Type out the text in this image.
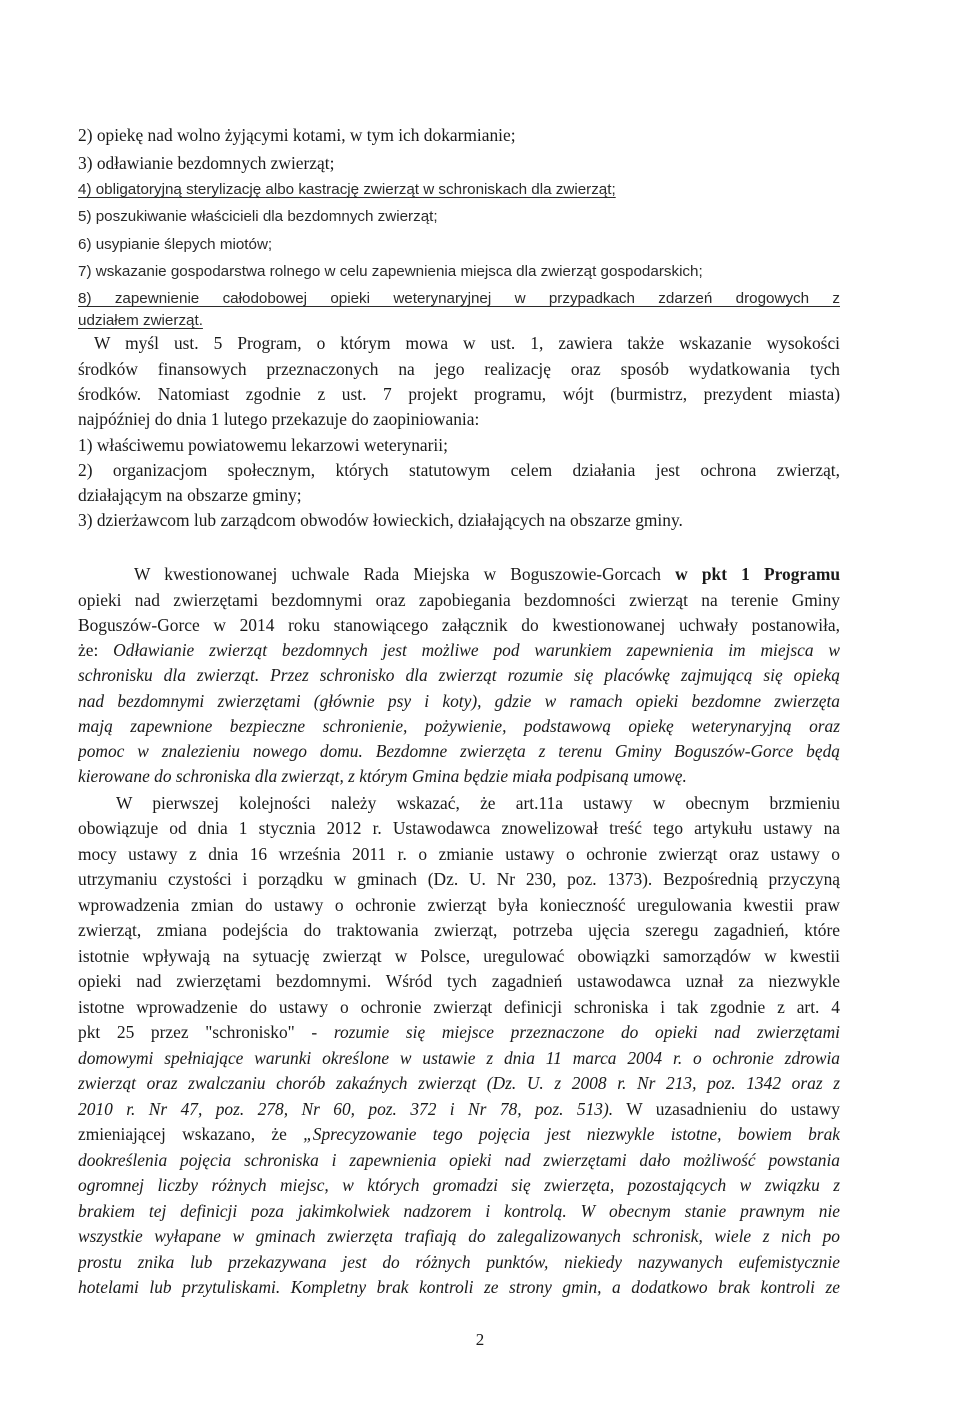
2) opiekę nad wolno żyjącymi kotami, w tym ich dokarmianie;
3) odławianie bezdomnych zwierząt;
4) obligatoryjną sterylizację albo kastrację zwierząt w schroniskach dla zwierząt;
5) poszukiwanie właścicieli dla bezdomnych zwierząt;
6) usypianie ślepych miotów;
7) wskazanie gospodarstwa rolnego w celu zapewnienia miejsca dla zwierząt gospodarskich;
8) zapewnienie całodobowej opieki weterynaryjnej w przypadkach zdarzeń drogowych z
udziałem zwierząt.
W myśl ust. 5 Program, o którym mowa w ust. 1, zawiera także wskazanie wysokości
środków finansowych przeznaczonych na jego realizację oraz sposób wydatkowania tych
środków. Natomiast zgodnie z ust. 7 projekt programu, wójt (burmistrz, prezydent miasta)
najpóźniej do dnia 1 lutego przekazuje do zaopiniowania:
1) właściwemu powiatowemu lekarzowi weterynarii;
2) organizacjom społecznym, których statutowym celem działania jest ochrona zwierząt,
działającym na obszarze gminy;
3) dzierżawcom lub zarządcom obwodów łowieckich, działających na obszarze gminy.
W kwestionowanej uchwale Rada Miejska w Boguszowie-Gorcach w pkt 1 Programu
opieki nad zwierzętami bezdomnymi oraz zapobiegania bezdomności zwierząt na terenie Gminy
Boguszów-Gorce w 2014 roku stanowiącego załącznik do kwestionowanej uchwały postanowiła,
że: Odławianie zwierząt bezdomnych jest możliwe pod warunkiem zapewnienia im miejsca w
schronisku dla zwierząt. Przez schronisko dla zwierząt rozumie się placówkę zajmującą się opieką
nad bezdomnymi zwierzętami (głównie psy i koty), gdzie w ramach opieki bezdomne zwierzęta
mają zapewnione bezpieczne schronienie, pożywienie, podstawową opiekę weterynaryjną oraz
pomoc w znalezieniu nowego domu. Bezdomne zwierzęta z terenu Gminy Boguszów-Gorce będą
kierowane do schroniska dla zwierząt, z którym Gmina będzie miała podpisaną umowę.
W pierwszej kolejności należy wskazać, że art.11a ustawy w obecnym brzmieniu
obowiązuje od dnia 1 stycznia 2012 r. Ustawodawca znowelizował treść tego artykułu ustawy na
mocy ustawy z dnia 16 września 2011 r. o zmianie ustawy o ochronie zwierząt oraz ustawy o
utrzymaniu czystości i porządku w gminach (Dz. U. Nr 230, poz. 1373). Bezpośrednią przyczyną
wprowadzenia zmian do ustawy o ochronie zwierząt była konieczność uregulowania kwestii praw
zwierząt, zmiana podejścia do traktowania zwierząt, potrzeba ujęcia szeregu zagadnień, które
istotnie wpływają na sytuację zwierząt w Polsce, uregulować obowiązki samorządów w kwestii
opieki nad zwierzętami bezdomnymi. Wśród tych zagadnień ustawodawca uznał za niezwykle
istotne wprowadzenie do ustawy o ochronie zwierząt definicji schroniska i tak zgodnie z art. 4
pkt 25 przez "schronisko" - rozumie się miejsce przeznaczone do opieki nad zwierzętami
domowymi spełniające warunki określone w ustawie z dnia 11 marca 2004 r. o ochronie zdrowia
zwierząt oraz zwalczaniu chorób zakaźnych zwierząt (Dz. U. z 2008 r. Nr 213, poz. 1342 oraz z
2010 r. Nr 47, poz. 278, Nr 60, poz. 372 i Nr 78, poz. 513). W uzasadnieniu do ustawy
zmieniającej wskazano, że „Sprecyzowanie tego pojęcia jest niezwykle istotne, bowiem brak
dookreślenia pojęcia schroniska i zapewnienia opieki nad zwierzętami dało możliwość powstania
ogromnej liczby różnych miejsc, w których gromadzi się zwierzęta, pozostających w związku z
brakiem tej definicji poza jakimkolwiek nadzorem i kontrolą. W obecnym stanie prawnym nie
wszystkie wyłapane w gminach zwierzęta trafiają do zalegalizowanych schronisk, wiele z nich po
prostu znika lub przekazywana jest do różnych punktów, niekiedy nazywanych eufemistycznie
hotelami lub przytuliskami. Kompletny brak kontroli ze strony gmin, a dodatkowo brak kontroli ze
2
